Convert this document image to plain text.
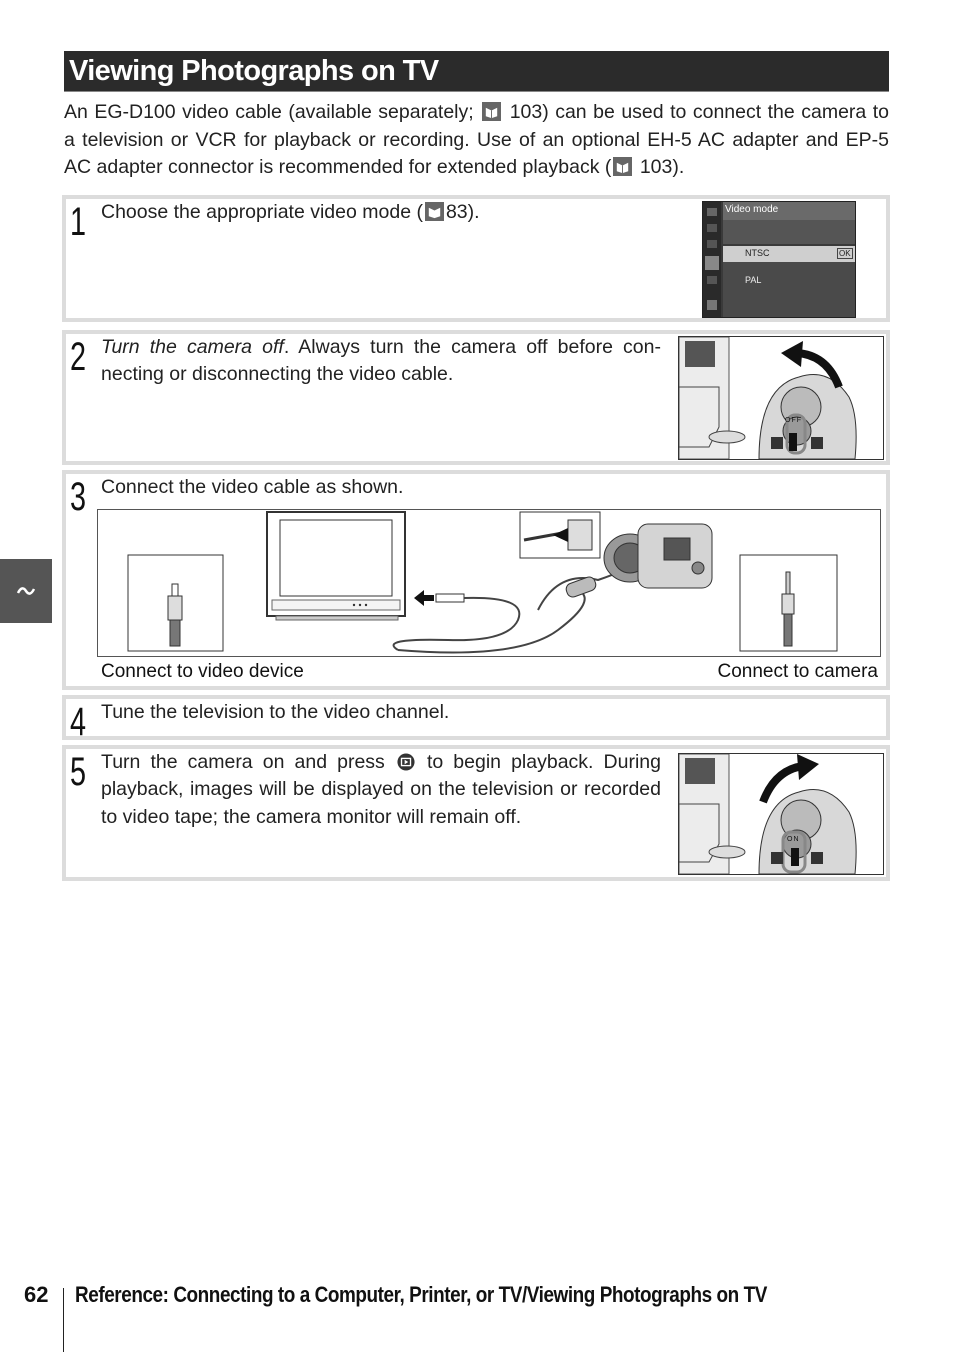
Viewing Photographs on TV
An EG-D100 video cable (available separately; 103) can be used to connect the camera to a television or VCR for playback or recording. Use of an optional EH-5 AC adapter and EP-5 AC adapter connector is recommended for extended playback ( 103).
1 Choose the appropriate video mode ( 83).	Video mode
NTSC	OK
PAL
2 Turn the camera off. Always turn the camera off before con-necting or disconnecting the video cable.
OFF
3 Connect the video cable as shown.
Connect to video device	Connect to camera
4 Tune the television to the video channel.
5 Turn the camera on and press to begin playback. During playback, images will be displayed on the television or recorded to video tape; the camera monitor will remain off.
ON
62 Reference: Connecting to a Computer, Printer, or TV/Viewing Photographs on TV
